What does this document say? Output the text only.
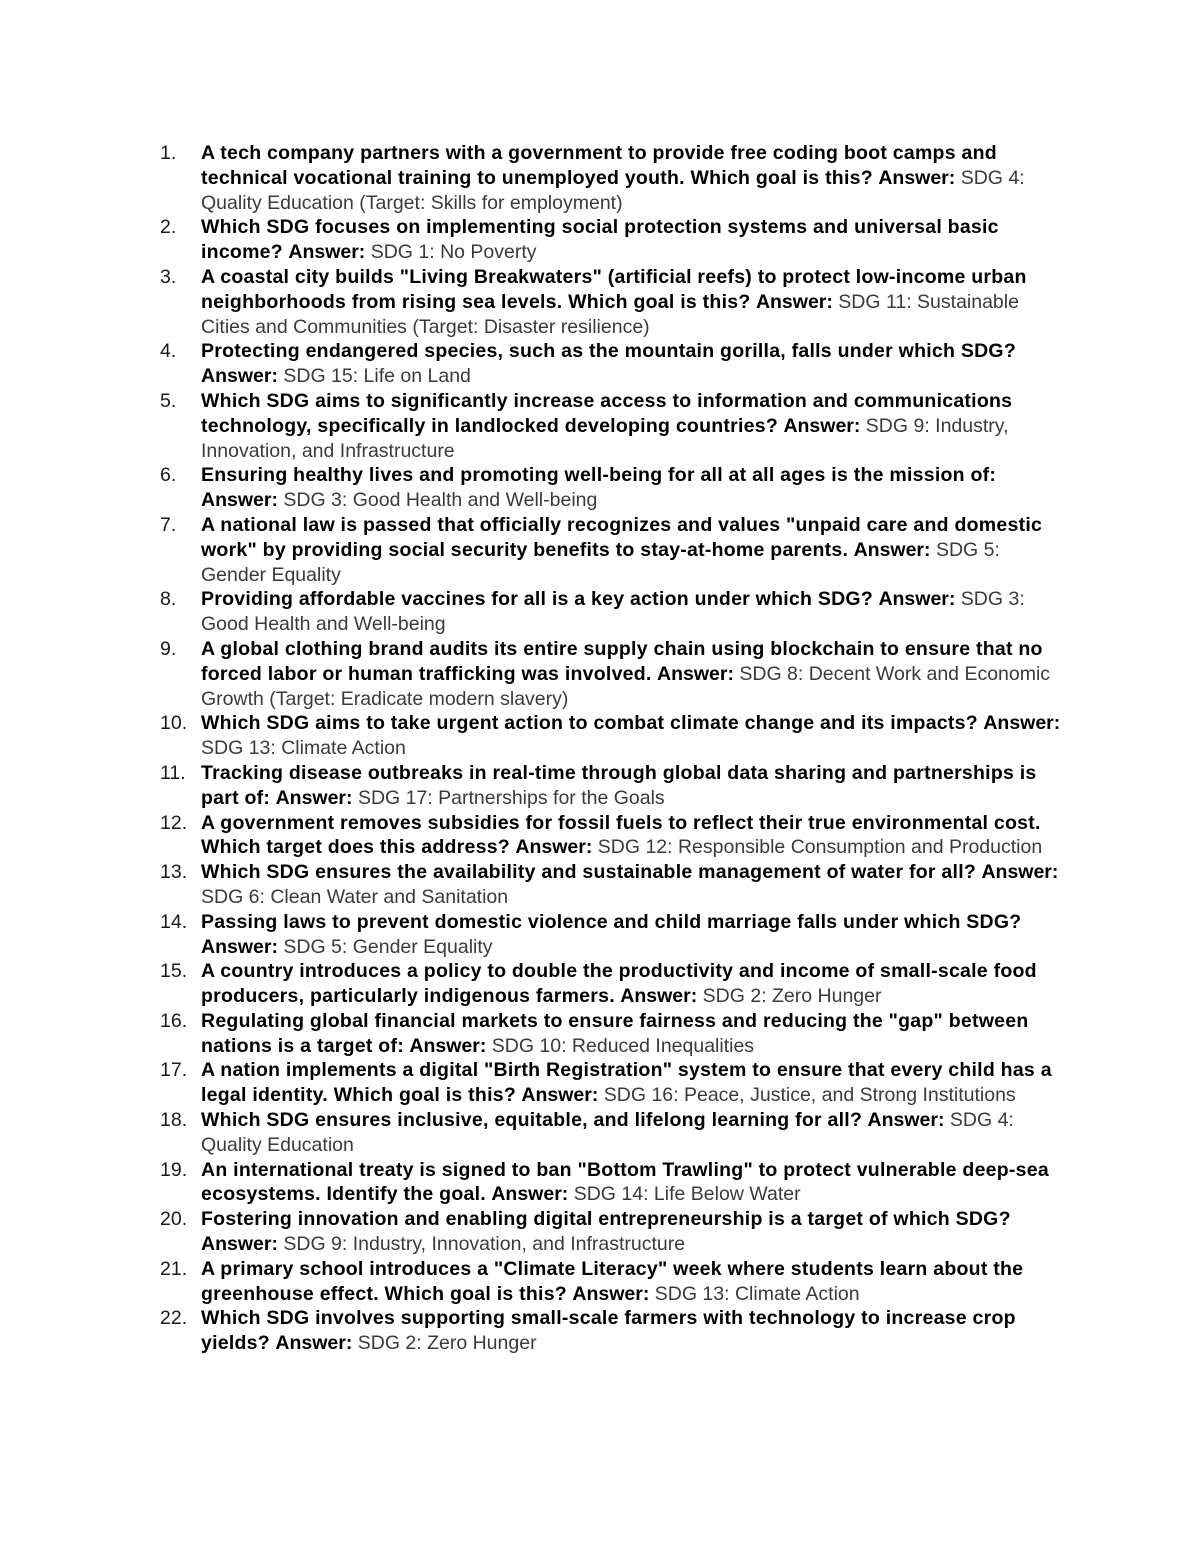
1.	A tech company partners with a government to provide free coding boot camps and technical vocational training to unemployed youth. Which goal is this? Answer: SDG 4: Quality Education (Target: Skills for employment)
2.	Which SDG focuses on implementing social protection systems and universal basic income? Answer: SDG 1: No Poverty
3.	A coastal city builds "Living Breakwaters" (artificial reefs) to protect low-income urban neighborhoods from rising sea levels. Which goal is this? Answer: SDG 11: Sustainable Cities and Communities (Target: Disaster resilience)
4.	Protecting endangered species, such as the mountain gorilla, falls under which SDG? Answer: SDG 15: Life on Land
5.	Which SDG aims to significantly increase access to information and communications technology, specifically in landlocked developing countries? Answer: SDG 9: Industry, Innovation, and Infrastructure
6.	Ensuring healthy lives and promoting well-being for all at all ages is the mission of: Answer: SDG 3: Good Health and Well-being
7.	A national law is passed that officially recognizes and values "unpaid care and domestic work" by providing social security benefits to stay-at-home parents. Answer: SDG 5: Gender Equality
8.	Providing affordable vaccines for all is a key action under which SDG? Answer: SDG 3: Good Health and Well-being
9.	A global clothing brand audits its entire supply chain using blockchain to ensure that no forced labor or human trafficking was involved. Answer: SDG 8: Decent Work and Economic Growth (Target: Eradicate modern slavery)
10. Which SDG aims to take urgent action to combat climate change and its impacts? Answer: SDG 13: Climate Action
11. Tracking disease outbreaks in real-time through global data sharing and partnerships is part of: Answer: SDG 17: Partnerships for the Goals
12. A government removes subsidies for fossil fuels to reflect their true environmental cost. Which target does this address? Answer: SDG 12: Responsible Consumption and Production
13. Which SDG ensures the availability and sustainable management of water for all? Answer: SDG 6: Clean Water and Sanitation
14. Passing laws to prevent domestic violence and child marriage falls under which SDG? Answer: SDG 5: Gender Equality
15. A country introduces a policy to double the productivity and income of small-scale food producers, particularly indigenous farmers. Answer: SDG 2: Zero Hunger
16. Regulating global financial markets to ensure fairness and reducing the "gap" between nations is a target of: Answer: SDG 10: Reduced Inequalities
17. A nation implements a digital "Birth Registration" system to ensure that every child has a legal identity. Which goal is this? Answer: SDG 16: Peace, Justice, and Strong Institutions
18. Which SDG ensures inclusive, equitable, and lifelong learning for all? Answer: SDG 4: Quality Education
19. An international treaty is signed to ban "Bottom Trawling" to protect vulnerable deep-sea ecosystems. Identify the goal. Answer: SDG 14: Life Below Water
20. Fostering innovation and enabling digital entrepreneurship is a target of which SDG? Answer: SDG 9: Industry, Innovation, and Infrastructure
21. A primary school introduces a "Climate Literacy" week where students learn about the greenhouse effect. Which goal is this? Answer: SDG 13: Climate Action
22. Which SDG involves supporting small-scale farmers with technology to increase crop yields? Answer: SDG 2: Zero Hunger
